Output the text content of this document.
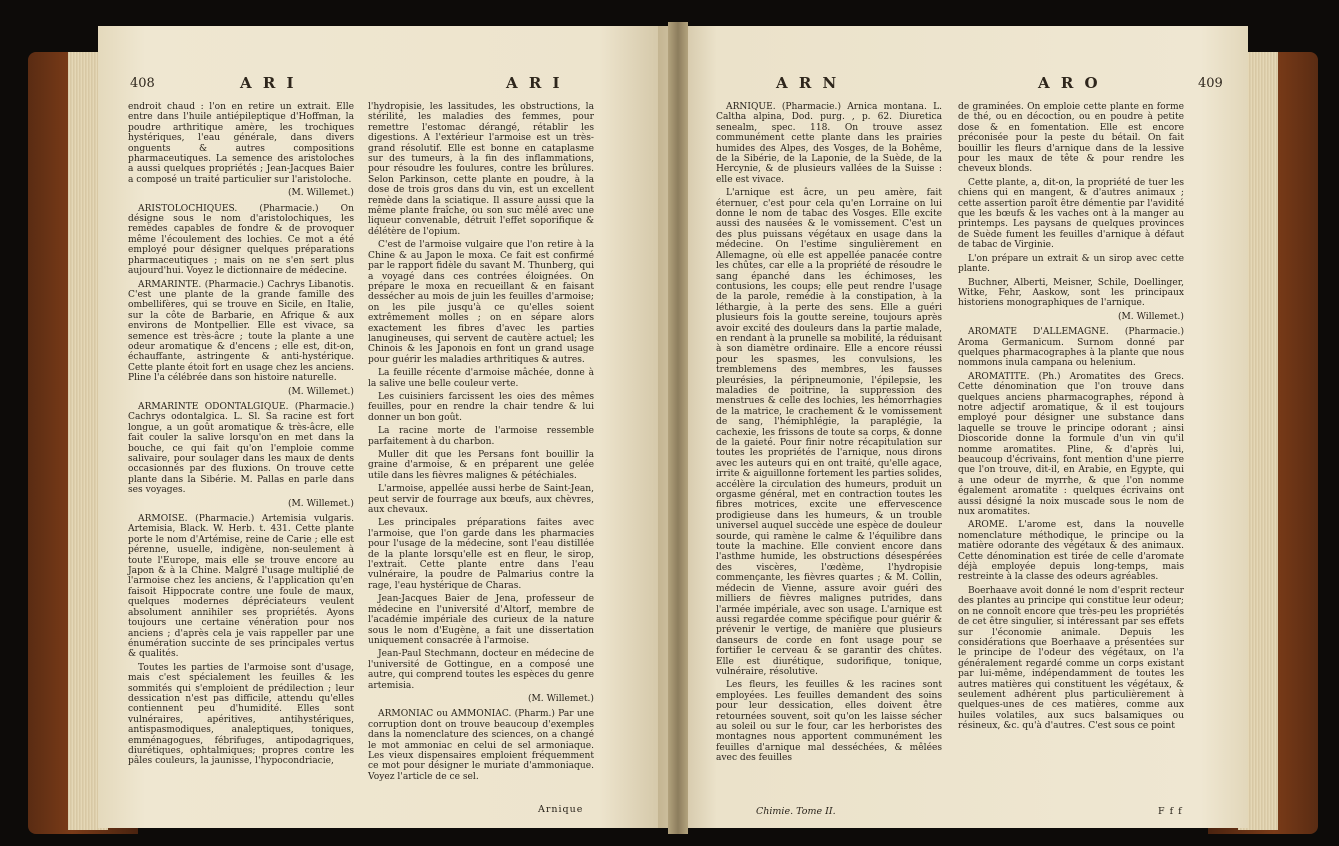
408	A R I	A R I

endroit chaud : l'on en retire un extrait. Elle entre dans l'huile antiépileptique d'Hoffman, la poudre arthritique amère, les trochiques hystériques, l'eau générale, dans divers onguents & autres compositions pharmaceutiques. La semence des aristoloches a aussi quelques propriétés ; Jean-Jacques Baier a composé un traité particulier sur l'aristoloche.

(M. Willemet.)

ARISTOLOCHIQUES. (Pharmacie.) On désigne sous le nom d'aristolochiques, les remèdes capables de fondre & de provoquer même l'écoulement des lochies. Ce mot a été employé pour désigner quelques préparations pharmaceutiques ; mais on ne s'en sert plus aujourd'hui. Voyez le dictionnaire de médecine.

ARMARINTE. (Pharmacie.) Cachrys Libanotis. C'est une plante de la grande famille des ombellifères, qui se trouve en Sicile, en Italie, sur la côte de Barbarie, en Afrique & aux environs de Montpellier. Elle est vivace, sa semence est très-âcre ; toute la plante a une odeur aromatique & d'encens ; elle est, dit-on, échauffante, astringente & anti-hystérique. Cette plante étoit fort en usage chez les anciens. Pline l'a célébrée dans son histoire naturelle.

(M. Willemet.)

ARMARINTE ODONTALGIQUE. (Pharmacie.) Cachrys odontalgica. L. Sl. Sa racine est fort longue, a un goût aromatique & très-âcre, elle fait couler la salive lorsqu'on en met dans la bouche, ce qui fait qu'on l'emploie comme salivaire, pour soulager dans les maux de dents occasionnés par des fluxions. On trouve cette plante dans la Sibérie. M. Pallas en parle dans ses voyages.

(M. Willemet.)

ARMOISE. (Pharmacie.) Artemisia vulgaris. Artemisia, Black. W. Herb. t. 431. Cette plante porte le nom d'Artémise, reine de Carie ; elle est pérenne, usuelle, indigène, non-seulement à toute l'Europe, mais elle se trouve encore au Japon & à la Chine. Malgré l'usage multiplié de l'armoise chez les anciens, & l'application qu'en faisoit Hippocrate contre une foule de maux, quelques modernes dépréciateurs veulent absolument annihiler ses propriétés. Ayons toujours une certaine vénération pour nos anciens ; d'après cela je vais rappeller par une énumération succinte de ses principales vertus & qualités.

Toutes les parties de l'armoise sont d'usage, mais c'est spécialement les feuilles & les sommités qui s'emploient de prédilection ; leur dessication n'est pas difficile, attendu qu'elles contiennent peu d'humidité. Elles sont vulnéraires, apéritives, antihystériques, antispasmodiques, analeptiques, toniques, emménagogues, fébrifuges, antipodagriques, diurétiques, ophtalmiques; propres contre les pâles couleurs, la jaunisse, l'hypocondriacie,

l'hydropisie, les lassitudes, les obstructions, la stérilité, les maladies des femmes, pour remettre l'estomac dérangé, rétablir les digestions. A l'extérieur l'armoise est un très-grand résolutif. Elle est bonne en cataplasme sur des tumeurs, à la fin des inflammations, pour résoudre les foulures, contre les brûlures. Selon Parkinson, cette plante en poudre, à la dose de trois gros dans du vin, est un excellent remède dans la sciatique. Il assure aussi que la même plante fraîche, ou son suc mêlé avec une liqueur convenable, détruit l'effet soporifique & délétère de l'opium.

C'est de l'armoise vulgaire que l'on retire à la Chine & au Japon le moxa. Ce fait est confirmé par le rapport fidèle du savant M. Thunberg, qui a voyagé dans ces contrées éloignées. On prépare le moxa en recueillant & en faisant dessécher au mois de juin les feuilles d'armoise; on les pile jusqu'à ce qu'elles soient extrêmement molles ; on en sépare alors exactement les fibres d'avec les parties lanugineuses, qui servent de cautère actuel; les Chinois & les Japonois en font un grand usage pour guérir les maladies arthritiques & autres.

La feuille récente d'armoise mâchée, donne à la salive une belle couleur verte.

Les cuisiniers farcissent les oies des mêmes feuilles, pour en rendre la chair tendre & lui donner un bon goût.

La racine morte de l'armoise ressemble parfaitement à du charbon.

Muller dit que les Persans font bouillir la graine d'armoise, & en préparent une gelée utile dans les fièvres malignes & pétéchiales.

L'armoise, appellée aussi herbe de Saint-Jean, peut servir de fourrage aux bœufs, aux chèvres, aux chevaux.

Les principales préparations faites avec l'armoise, que l'on garde dans les pharmacies pour l'usage de la médecine, sont l'eau distillée de la plante lorsqu'elle est en fleur, le sirop, l'extrait. Cette plante entre dans l'eau vulnéraire, la poudre de Palmarius contre la rage, l'eau hystérique de Charas.

Jean-Jacques Baier de Jena, professeur de médecine en l'université d'Altorf, membre de l'académie impériale des curieux de la nature sous le nom d'Eugène, a fait une dissertation uniquement consacrée à l'armoise.

Jean-Paul Stechmann, docteur en médecine de l'université de Gottingue, en a composé une autre, qui comprend toutes les espèces du genre artemisia.

(M. Willemet.)

ARMONIAC ou AMMONIAC. (Pharm.) Par une corruption dont on trouve beaucoup d'exemples dans la nomenclature des sciences, on a changé le mot ammoniac en celui de sel armoniaque. Les vieux dispensaires emploient fréquemment ce mot pour désigner le muriate d'ammoniaque. Voyez l'article de ce sel.

Arnique
A R N	A R O	409

ARNIQUE. (Pharmacie.) Arnica montana. L. Caltha alpina, Dod. purg. , p. 62. Diuretica senealm, spec. 118. On trouve assez communément cette plante dans les prairies humides des Alpes, des Vosges, de la Bohême, de la Sibérie, de la Laponie, de la Suède, de la Hercynie, & de plusieurs vallées de la Suisse : elle est vivace.

L'arnique est âcre, un peu amère, fait éternuer, c'est pour cela qu'en Lorraine on lui donne le nom de tabac des Vosges. Elle excite aussi des nausées & le vomissement. C'est un des plus puissans végétaux en usage dans la médecine. On l'estime singulièrement en Allemagne, où elle est appellée panacée contre les chûtes, car elle a la propriété de résoudre le sang épanché dans les échimoses, les contusions, les coups; elle peut rendre l'usage de la parole, remédie à la constipation, à la léthargie, à la perte des sens. Elle a guéri plusieurs fois la goutte sereine, toujours après avoir excité des douleurs dans la partie malade, en rendant à la prunelle sa mobilité, la réduisant à son diamètre ordinaire. Elle a encore réussi pour les spasmes, les convulsions, les tremblemens des membres, les fausses pleurésies, la péripneumonie, l'épilepsie, les maladies de poitrine, la suppression des menstrues & celle des lochies, les hémorrhagies de la matrice, le crachement & le vomissement de sang, l'hémiphlégie, la paraplégie, la cachexie, les frissons de toute sa corps, & donne de la gaieté. Pour finir notre récapitulation sur toutes les propriétés de l'arnique, nous dirons avec les auteurs qui en ont traité, qu'elle agace, irrite & aiguillonne fortement les parties solides, accélère la circulation des humeurs, produit un orgasme général, met en contraction toutes les fibres motrices, excite une effervescence prodigieuse dans les humeurs, & un trouble universel auquel succède une espèce de douleur sourde, qui ramène le calme & l'équilibre dans toute la machine. Elle convient encore dans l'asthme humide, les obstructions désespérées des viscères, l'œdème, l'hydropisie commençante, les fièvres quartes ; & M. Collin, médecin de Vienne, assure avoir guéri des milliers de fièvres malignes putrides, dans l'armée impériale, avec son usage. L'arnique est aussi regardée comme spécifique pour guérir & prévenir le vertige, de manière que plusieurs danseurs de corde en font usage pour se fortifier le cerveau & se garantir des chûtes. Elle est diurétique, sudorifique, tonique, vulnéraire, résolutive.

Les fleurs, les feuilles & les racines sont employées. Les feuilles demandent des soins pour leur dessication, elles doivent être retournées souvent, soit qu'on les laisse sécher au soleil ou sur le four, car les herboristes des montagnes nous apportent communément les feuilles d'arnique mal desséchées, & mêlées avec des feuilles

de graminées. On emploie cette plante en forme de thé, ou en décoction, ou en poudre à petite dose & en fomentation. Elle est encore préconisée pour la peste du bétail. On fait bouillir les fleurs d'arnique dans de la lessive pour les maux de tête & pour rendre les cheveux blonds.

Cette plante, a, dit-on, la propriété de tuer les chiens qui en mangent, & d'autres animaux ; cette assertion paroît être démentie par l'avidité que les bœufs & les vaches ont à la manger au printemps. Les paysans de quelques provinces de Suède fument les feuilles d'arnique à défaut de tabac de Virginie.

L'on prépare un extrait & un sirop avec cette plante.

Buchner, Alberti, Meisner, Schile, Doellinger, Witke, Fehr, Aaskow, sont les principaux historiens monographiques de l'arnique.

(M. Willemet.)

AROMATE D'ALLEMAGNE. (Pharmacie.) Aroma Germanicum. Surnom donné par quelques pharmacographes à la plante que nous nommons inula campana ou helenium.

AROMATITE. (Ph.) Aromatites des Grecs. Cette dénomination que l'on trouve dans quelques anciens pharmacographes, répond à notre adjectif aromatique, & il est toujours employé pour désigner une substance dans laquelle se trouve le principe odorant ; ainsi Dioscoride donne la formule d'un vin qu'il nomme aromatites. Pline, & d'après lui, beaucoup d'écrivains, font mention d'une pierre que l'on trouve, dit-il, en Arabie, en Egypte, qui a une odeur de myrrhe, & que l'on nomme également aromatite : quelques écrivains ont aussi désigné la noix muscade sous le nom de nux aromatites.

AROME. L'arome est, dans la nouvelle nomenclature méthodique, le principe ou la matière odorante des végétaux & des animaux. Cette dénomination est tirée de celle d'aromate déjà employée depuis long-temps, mais restreinte à la classe des odeurs agréables.

Boerhaave avoit donné le nom d'esprit recteur des plantes au principe qui constitue leur odeur; on ne connoît encore que très-peu les propriétés de cet être singulier, si intéressant par ses effets sur l'économie animale. Depuis les considérations que Boerhaave a présentées sur le principe de l'odeur des végétaux, on l'a généralement regardé comme un corps existant par lui-même, indépendamment de toutes les autres matières qui constituent les végétaux, & seulement adhérent plus particulièrement à quelques-unes de ces matières, comme aux huiles volatiles, aux sucs balsamiques ou résineux, &c. qu'à d'autres. C'est sous ce point

Chimie. Tome II.	F f f
